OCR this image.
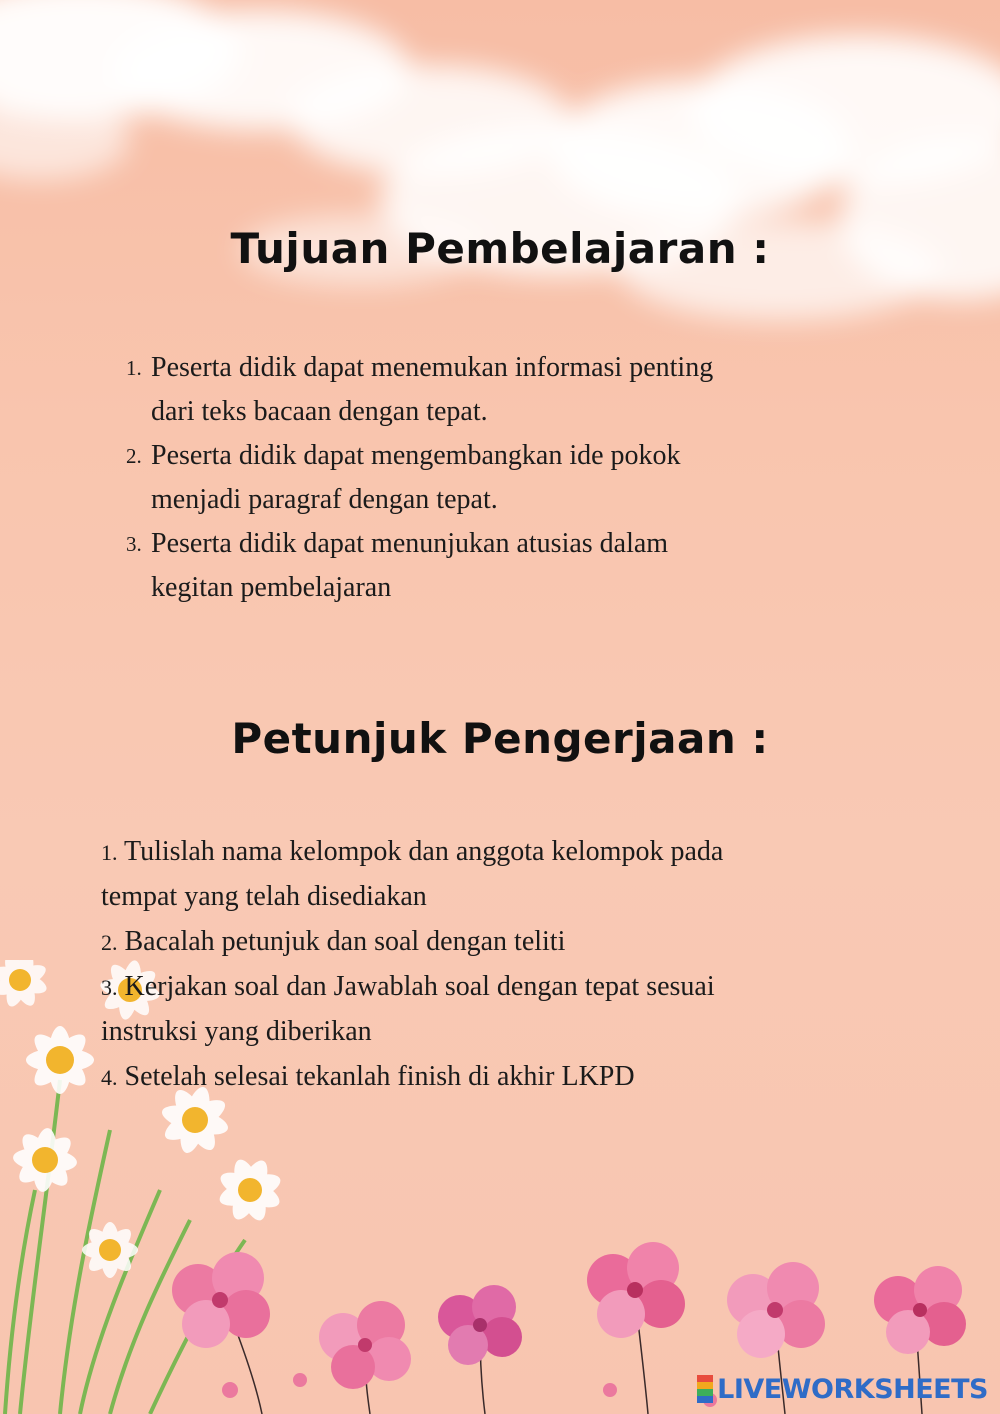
Tujuan Pembelajaran :
1. Peserta didik dapat menemukan informasi penting
dari teks bacaan dengan tepat.
2. Peserta didik dapat mengembangkan ide pokok
menjadi paragraf dengan tepat.
3. Peserta didik dapat menunjukan atusias dalam
kegitan pembelajaran
Petunjuk Pengerjaan :
1. Tulislah nama kelompok dan anggota kelompok pada
tempat yang telah disediakan
2. Bacalah petunjuk dan soal dengan teliti
3. Kerjakan soal dan Jawablah soal dengan tepat sesuai
instruksi yang diberikan
4. Setelah selesai tekanlah finish di akhir LKPD
LIVEWORKSHEETS
